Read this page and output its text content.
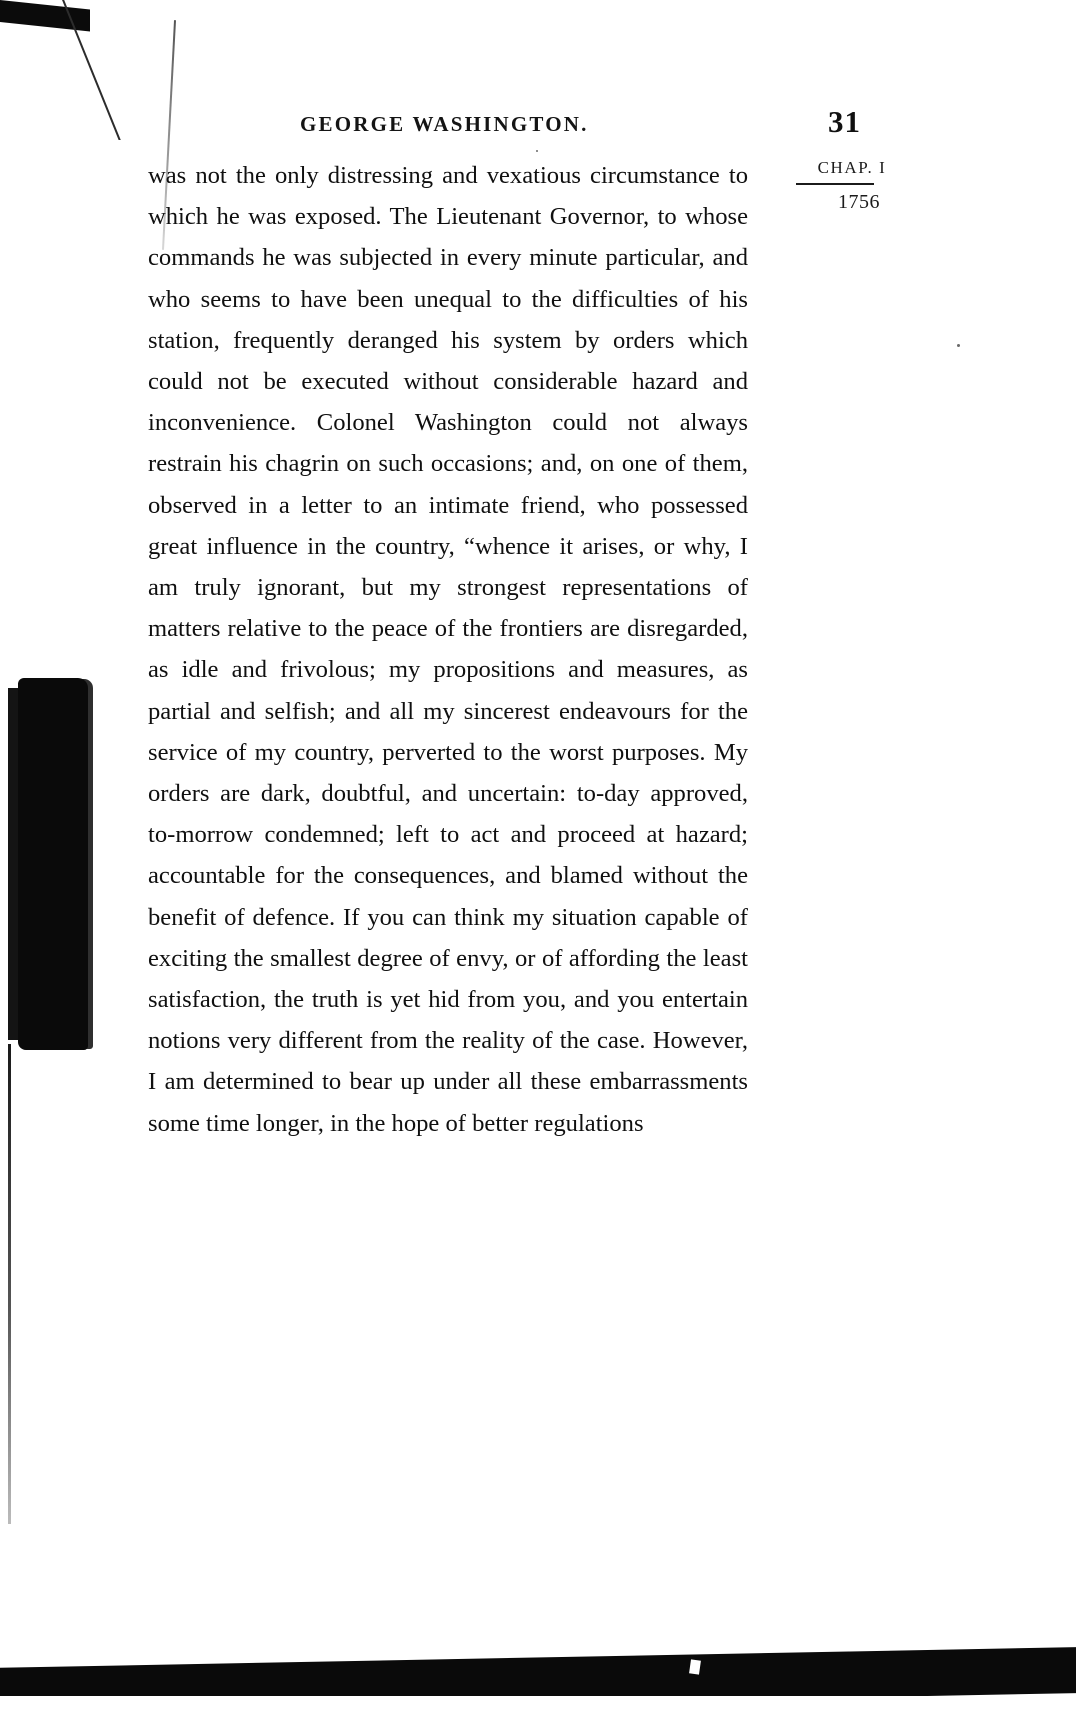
GEORGE WASHINGTON.	31
CHAP. I
1756

was not the only distressing and vexatious circumstance to which he was exposed. The Lieutenant Governor, to whose commands he was subjected in every minute particular, and who seems to have been unequal to the difficulties of his station, frequently deranged his system by orders which could not be executed without considerable hazard and inconvenience. Colonel Washington could not always restrain his chagrin on such occasions; and, on one of them, observed in a letter to an intimate friend, who possessed great influence in the country, “whence it arises, or why, I am truly ignorant, but my strongest representations of matters relative to the peace of the frontiers are disregarded, as idle and frivolous; my propositions and measures, as partial and selfish; and all my sincerest endeavours for the service of my country, perverted to the worst purposes. My orders are dark, doubtful, and uncertain: to-day approved, to-morrow condemned; left to act and proceed at hazard; accountable for the consequences, and blamed without the benefit of defence. If you can think my situation capable of exciting the smallest degree of envy, or of affording the least satisfaction, the truth is yet hid from you, and you entertain notions very different from the reality of the case. However, I am determined to bear up under all these embarrassments some time longer, in the hope of better regulations
